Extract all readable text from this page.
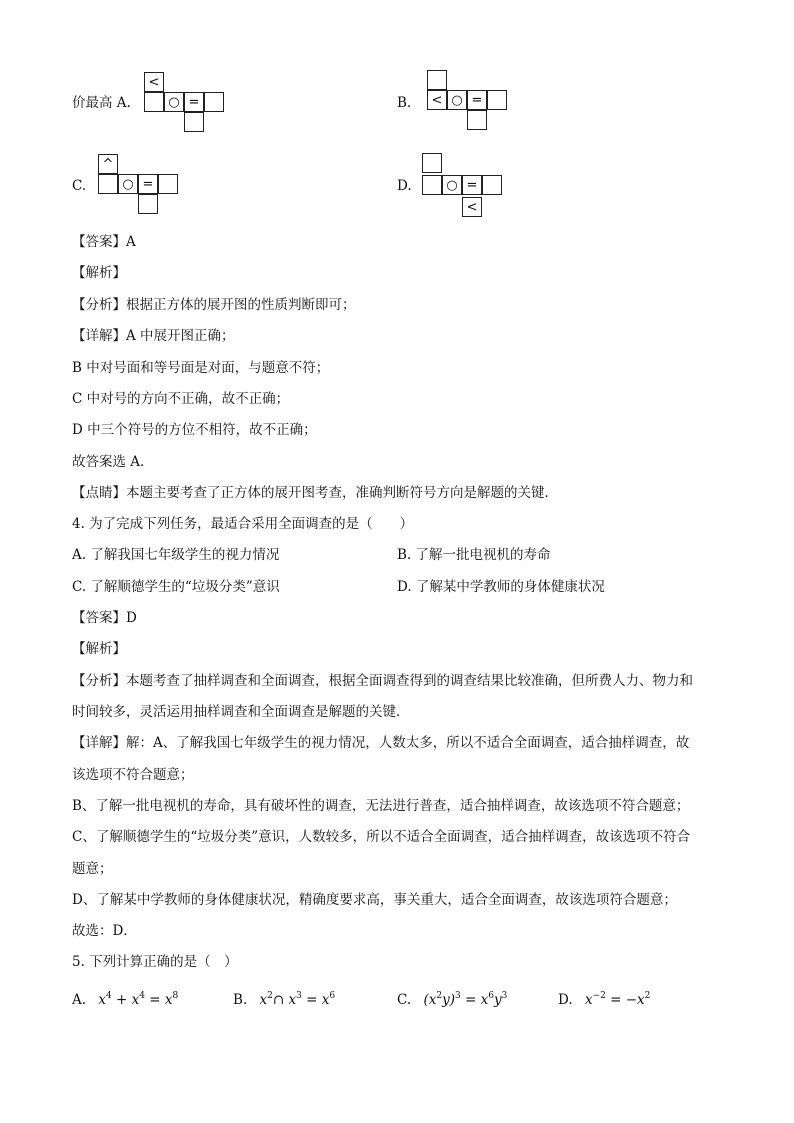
价最高 A.
<
○ =	B.	< ○ =
C.
^
○ =	D.	○ =
<
【答案】A
【解析】
【分析】根据正方体的展开图的性质判断即可；
【详解】A 中展开图正确；
B 中对号面和等号面是对面，与题意不符；
C 中对号的方向不正确，故不正确；
D 中三个符号的方位不相符，故不正确；
故答案选 A．
【点睛】本题主要考查了正方体的展开图考查，准确判断符号方向是解题的关键．
4. 为了完成下列任务，最适合采用全面调查的是（　　）
A. 了解我国七年级学生的视力情况	B. 了解一批电视机的寿命
C. 了解顺德学生的“垃圾分类”意识	D. 了解某中学教师的身体健康状况
【答案】D
【解析】
【分析】本题考查了抽样调查和全面调查，根据全面调查得到的调查结果比较准确，但所费人力、物力和
时间较多，灵活运用抽样调查和全面调查是解题的关键．
【详解】解：A、了解我国七年级学生的视力情况，人数太多，所以不适合全面调查，适合抽样调查，故
该选项不符合题意；
B、了解一批电视机的寿命，具有破坏性的调查，无法进行普查，适合抽样调查，故该选项不符合题意；
C、了解顺德学生的“垃圾分类”意识，人数较多，所以不适合全面调查，适合抽样调查，故该选项不符合
题意；
D、了解某中学教师的身体健康状况，精确度要求高，事关重大，适合全面调查，故该选项符合题意；
故选：D．
5. 下列计算正确的是（　）
A. $x^4 + x^4 = x^8$	B. $x^2\cap$ $x^3 = x^6$	C. $(x^2y)^3 = x^6y^3$	D. $x^{-2} = -x^2$
